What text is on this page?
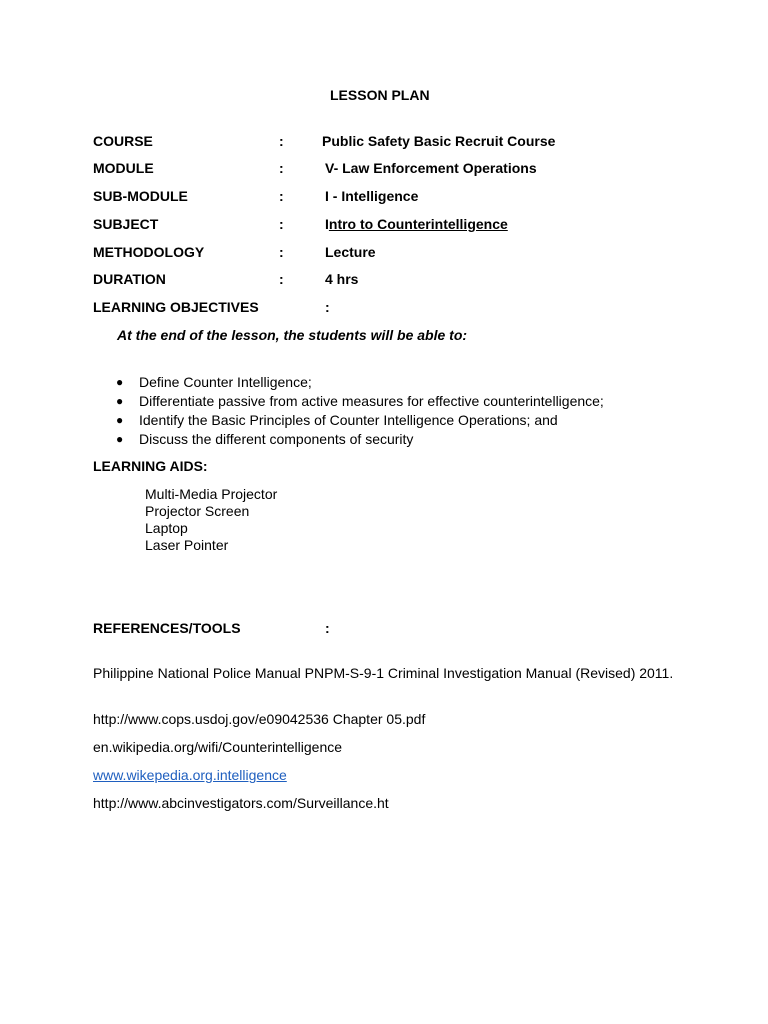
LESSON PLAN
COURSE	:	Public Safety Basic Recruit Course
MODULE	:	V- Law Enforcement Operations
SUB-MODULE	:	I - Intelligence
SUBJECT	:	Intro to Counterintelligence
METHODOLOGY	:	Lecture
DURATION	:	4 hrs
LEARNING OBJECTIVES	:
At the end of the lesson, the students will be able to:
● Define Counter Intelligence;
● Differentiate passive from active measures for effective counterintelligence;
● Identify the Basic Principles of Counter Intelligence Operations; and
● Discuss the different components of security
LEARNING AIDS:
Multi-Media Projector
Projector Screen
Laptop
Laser Pointer
REFERENCES/TOOLS	:
Philippine National Police Manual PNPM-S-9-1 Criminal Investigation Manual (Revised) 2011.
http://www.cops.usdoj.gov/e09042536 Chapter 05.pdf
en.wikipedia.org/wifi/Counterintelligence
www.wikepedia.org.intelligence
http://www.abcinvestigators.com/Surveillance.ht
